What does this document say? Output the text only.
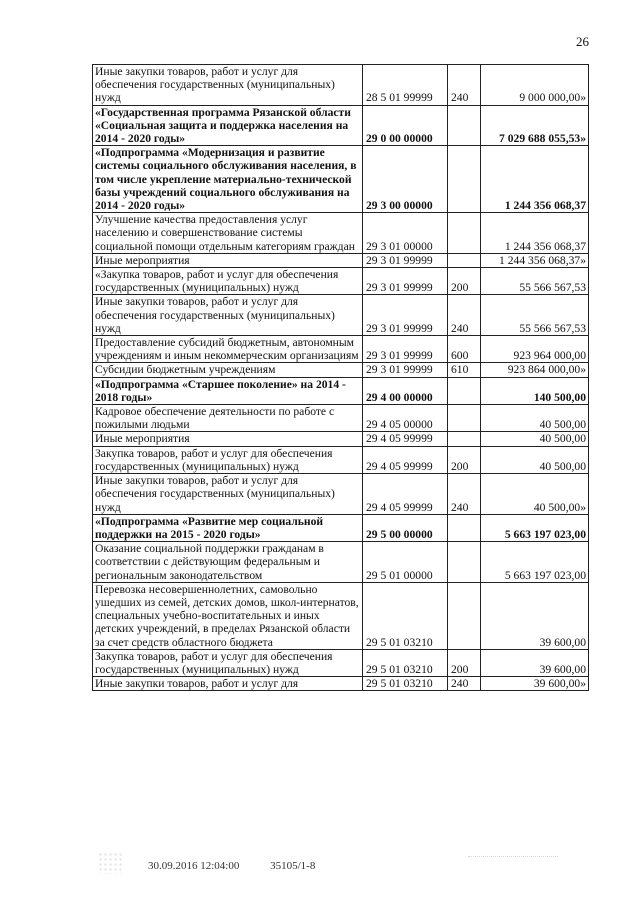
26
Иные закупки товаров, работ и услуг для обеспечения государственных (муниципальных) нужд	28 5 01 99999	240	9 000 000,00»
«Государственная программа Рязанской области «Социальная защита и поддержка населения на 2014 - 2020 годы»	29 0 00 00000		7 029 688 055,53»
«Подпрограмма «Модернизация и развитие системы социального обслуживания населения, в том числе укрепление материально-технической базы учреждений социального обслуживания на 2014 - 2020 годы»	29 3 00 00000		1 244 356 068,37
Улучшение качества предоставления услуг населению и совершенствование системы социальной помощи отдельным категориям граждан	29 3 01 00000		1 244 356 068,37
Иные мероприятия	29 3 01 99999		1 244 356 068,37»
«Закупка товаров, работ и услуг для обеспечения государственных (муниципальных) нужд	29 3 01 99999	200	55 566 567,53
Иные закупки товаров, работ и услуг для обеспечения государственных (муниципальных) нужд	29 3 01 99999	240	55 566 567,53
Предоставление субсидий бюджетным, автономным учреждениям и иным некоммерческим организациям	29 3 01 99999	600	923 964 000,00
Субсидии бюджетным учреждениям	29 3 01 99999	610	923 864 000,00»
«Подпрограмма «Старшее поколение» на 2014 - 2018 годы»	29 4 00 00000		140 500,00
Кадровое обеспечение деятельности по работе с пожилыми людьми	29 4 05 00000		40 500,00
Иные мероприятия	29 4 05 99999		40 500,00
Закупка товаров, работ и услуг для обеспечения государственных (муниципальных) нужд	29 4 05 99999	200	40 500,00
Иные закупки товаров, работ и услуг для обеспечения государственных (муниципальных) нужд	29 4 05 99999	240	40 500,00»
«Подпрограмма «Развитие мер социальной поддержки на 2015 - 2020 годы»	29 5 00 00000		5 663 197 023,00
Оказание социальной поддержки гражданам в соответствии с действующим федеральным и региональным законодательством	29 5 01 00000		5 663 197 023,00
Перевозка несовершеннолетних, самовольно ушедших из семей, детских домов, школ-интернатов, специальных учебно-воспитательных и иных детских учреждений, в пределах Рязанской области за счет средств областного бюджета	29 5 01 03210		39 600,00
Закупка товаров, работ и услуг для обеспечения государственных (муниципальных) нужд	29 5 01 03210	200	39 600,00
Иные закупки товаров, работ и услуг для	29 5 01 03210	240	39 600,00»
30.09.2016 12:04:00	35105/1-8
